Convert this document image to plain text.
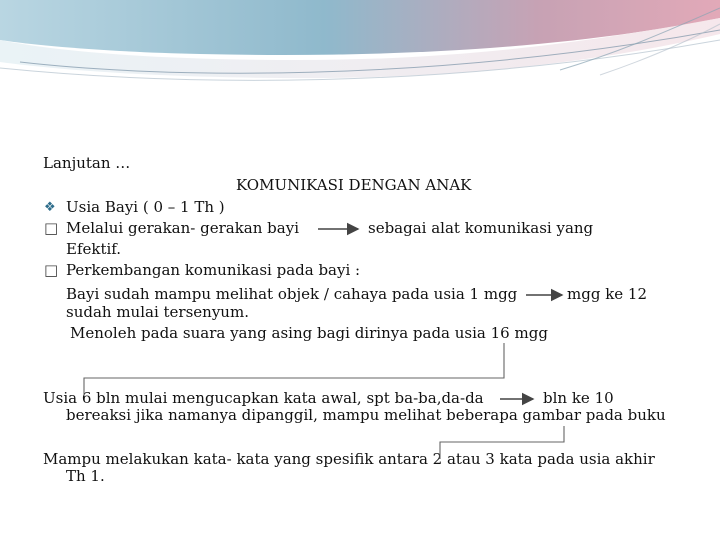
Lanjutan …
KOMUNIKASI DENGAN ANAK
❖ Usia Bayi ( 0 – 1 Th )
□ Melalui gerakan- gerakan bayi	sebagai alat komunikasi yang
Efektif.
□ Perkembangan komunikasi pada bayi :
Bayi sudah mampu melihat objek / cahaya pada usia 1 mgg	mgg ke 12
sudah mulai tersenyum.
Menoleh pada suara yang asing bagi dirinya pada usia 16 mgg
Usia 6 bln mulai mengucapkan kata awal, spt ba-ba,da-da	bln ke 10
bereaksi jika namanya dipanggil, mampu melihat beberapa gambar pada buku
Mampu melakukan kata- kata yang spesifik antara 2 atau 3 kata pada usia akhir
Th 1.
